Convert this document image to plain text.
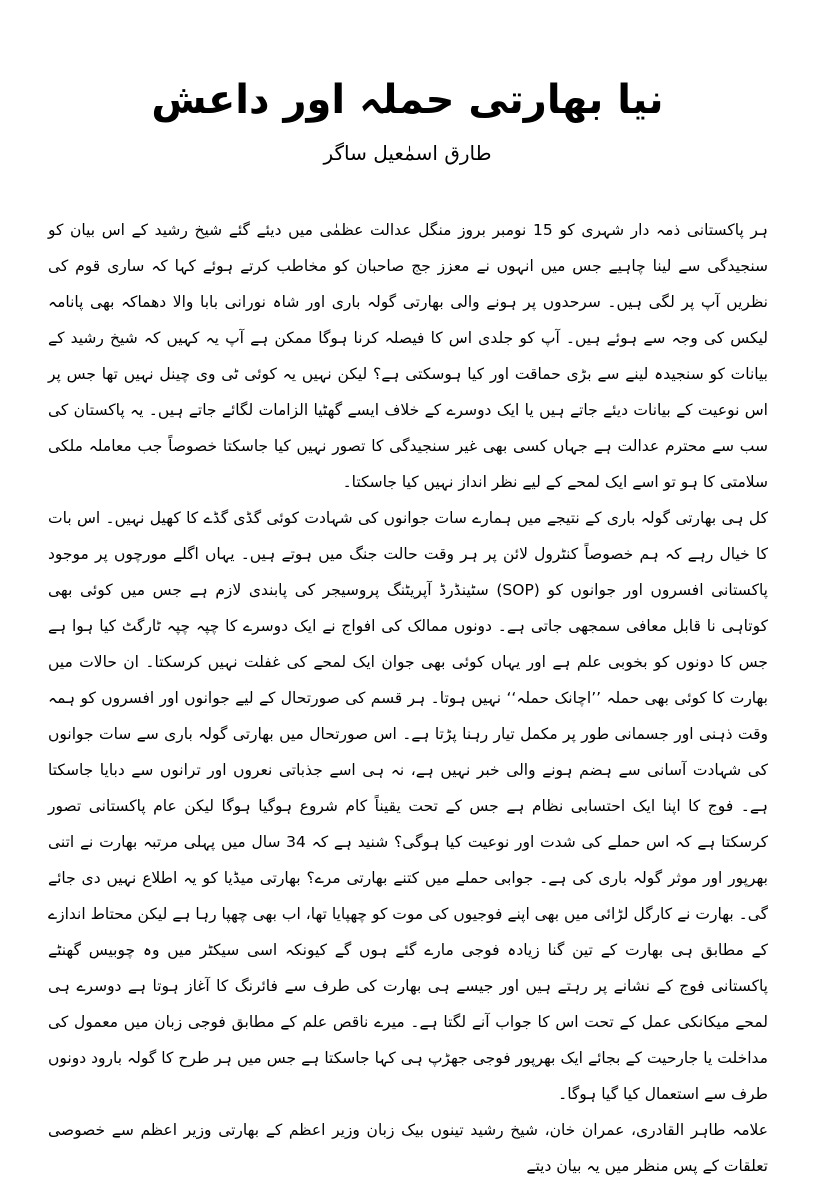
نیا بھارتی حملہ اور داعش
طارق اسمٰعیل ساگر

ہر پاکستانی ذمہ دار شہری کو 15 نومبر بروز منگل عدالت عظمٰی میں دیئے گئے شیخ رشید کے اس بیان کو سنجیدگی سے لینا چاہیے جس میں انہوں نے معزز جج صاحبان کو مخاطب کرتے ہوئے کہا کہ ساری قوم کی نظریں آپ پر لگی ہیں۔ سرحدوں پر ہونے والی بھارتی گولہ باری اور شاہ نورانی بابا والا دھماکہ بھی پانامہ لیکس کی وجہ سے ہوئے ہیں۔ آپ کو جلدی اس کا فیصلہ کرنا ہوگا ممکن ہے آپ یہ کہیں کہ شیخ رشید کے بیانات کو سنجیدہ لینے سے بڑی حماقت اور کیا ہوسکتی ہے؟ لیکن نہیں یہ کوئی ٹی وی چینل نہیں تھا جس پر اس نوعیت کے بیانات دیئے جاتے ہیں یا ایک دوسرے کے خلاف ایسے گھٹیا الزامات لگائے جاتے ہیں۔ یہ پاکستان کی سب سے محترم عدالت ہے جہاں کسی بھی غیر سنجیدگی کا تصور نہیں کیا جاسکتا خصوصاً جب معاملہ ملکی سلامتی کا ہو تو اسے ایک لمحے کے لیے نظر انداز نہیں کیا جاسکتا۔

کل ہی بھارتی گولہ باری کے نتیجے میں ہمارے سات جوانوں کی شہادت کوئی گڈی گڈے کا کھیل نہیں۔ اس بات کا خیال رہے کہ ہم خصوصاً کنٹرول لائن پر ہر وقت حالت جنگ میں ہوتے ہیں۔ یہاں اگلے مورچوں پر موجود پاکستانی افسروں اور جوانوں کو (SOP) سٹینڈرڈ آپریٹنگ پروسیجر کی پابندی لازم ہے جس میں کوئی بھی کوتاہی نا قابل معافی سمجھی جاتی ہے۔ دونوں ممالک کی افواج نے ایک دوسرے کا چپہ چپہ ٹارگٹ کیا ہوا ہے جس کا دونوں کو بخوبی علم ہے اور یہاں کوئی بھی جوان ایک لمحے کی غفلت نہیں کرسکتا۔ ان حالات میں بھارت کا کوئی بھی حملہ ’’اچانک حملہ‘‘ نہیں ہوتا۔ ہر قسم کی صورتحال کے لیے جوانوں اور افسروں کو ہمہ وقت ذہنی اور جسمانی طور پر مکمل تیار رہنا پڑتا ہے۔ اس صورتحال میں بھارتی گولہ باری سے سات جوانوں کی شہادت آسانی سے ہضم ہونے والی خبر نہیں ہے، نہ ہی اسے جذباتی نعروں اور ترانوں سے دبایا جاسکتا ہے۔ فوج کا اپنا ایک احتسابی نظام ہے جس کے تحت یقیناً کام شروع ہوگیا ہوگا لیکن عام پاکستانی تصور کرسکتا ہے کہ اس حملے کی شدت اور نوعیت کیا ہوگی؟ شنید ہے کہ 34 سال میں پہلی مرتبہ بھارت نے اتنی بھرپور اور موثر گولہ باری کی ہے۔ جوابی حملے میں کتنے بھارتی مرے؟ بھارتی میڈیا کو یہ اطلاع نہیں دی جائے گی۔ بھارت نے کارگل لڑائی میں بھی اپنے فوجیوں کی موت کو چھپایا تھا، اب بھی چھپا رہا ہے لیکن محتاط اندازے کے مطابق ہی بھارت کے تین گنا زیادہ فوجی مارے گئے ہوں گے کیونکہ اسی سیکٹر میں وہ چوبیس گھنٹے پاکستانی فوج کے نشانے پر رہتے ہیں اور جیسے ہی بھارت کی طرف سے فائرنگ کا آغاز ہوتا ہے دوسرے ہی لمحے میکانکی عمل کے تحت اس کا جواب آنے لگتا ہے۔ میرے ناقص علم کے مطابق فوجی زبان میں معمول کی مداخلت یا جارحیت کے بجائے ایک بھرپور فوجی جھڑپ ہی کہا جاسکتا ہے جس میں ہر طرح کا گولہ بارود دونوں طرف سے استعمال کیا گیا ہوگا۔

علامہ طاہر القادری، عمران خان، شیخ رشید تینوں بیک زبان وزیر اعظم کے بھارتی وزیر اعظم سے خصوصی تعلقات کے پس منظر میں یہ بیان دیتے
